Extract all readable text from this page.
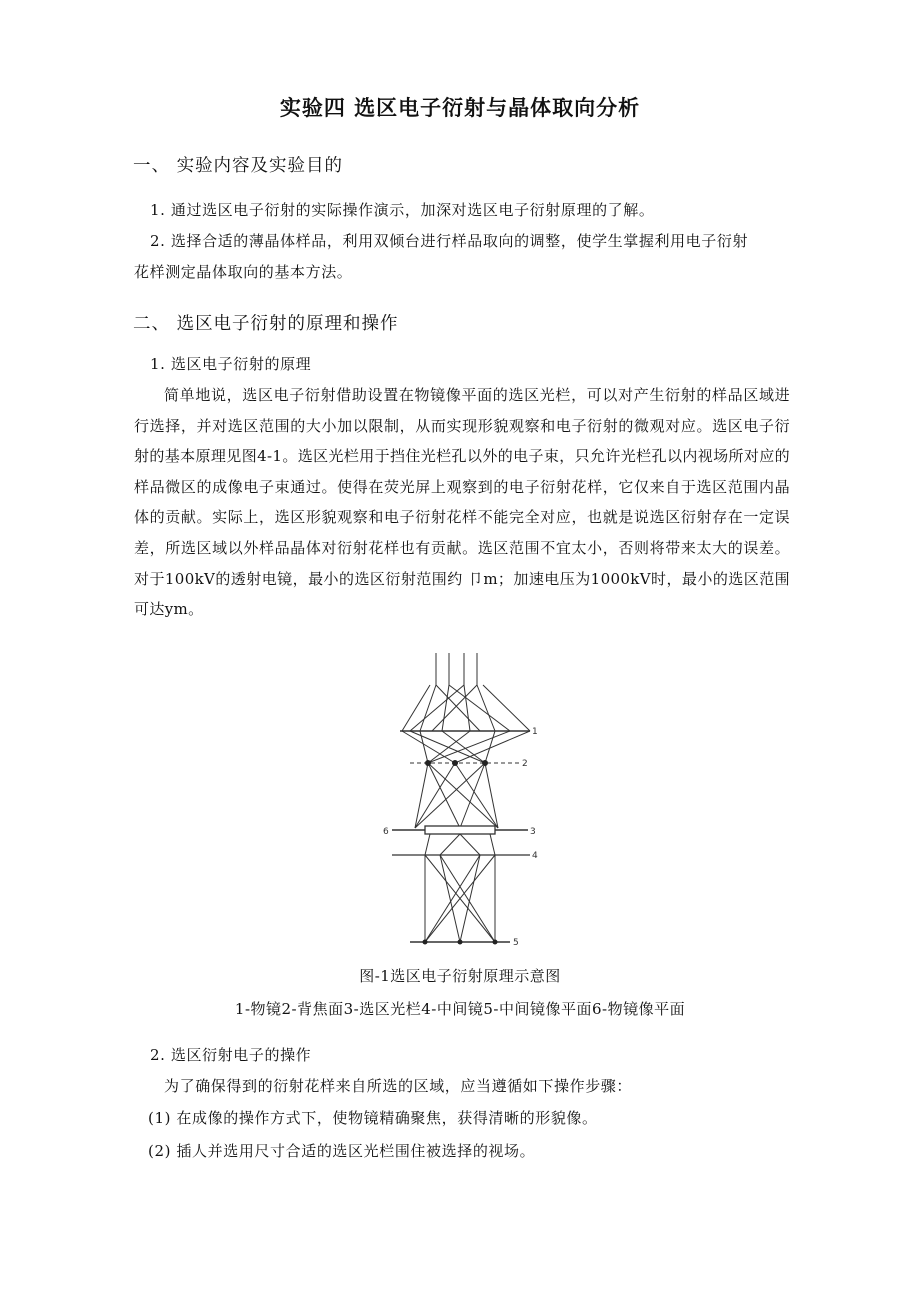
实验四 选区电子衍射与晶体取向分析
一、 实验内容及实验目的
1. 通过选区电子衍射的实际操作演示，加深对选区电子衍射原理的了解。
2. 选择合适的薄晶体样品，利用双倾台进行样品取向的调整，使学生掌握利用电子衍射
花样测定晶体取向的基本方法。
二、 选区电子衍射的原理和操作
1. 选区电子衍射的原理

简单地说，选区电子衍射借助设置在物镜像平面的选区光栏，可以对产生衍射的样品区域进行选择，并对选区范围的大小加以限制，从而实现形貌观察和电子衍射的微观对应。选区电子衍射的基本原理见图4-1。选区光栏用于挡住光栏孔以外的电子束，只允许光栏孔以内视场所对应的样品微区的成像电子束通过。使得在荧光屏上观察到的电子衍射花样，它仅来自于选区范围内晶体的贡献。实际上，选区形貌观察和电子衍射花样不能完全对应，也就是说选区衍射存在一定误差，所选区域以外样品晶体对衍射花样也有贡献。选区范围不宜太小，否则将带来太大的误差。对于100kV的透射电镜，最小的选区衍射范围约 卩m；加速电压为1000kV时，最小的选区范围可达ym。

1
2
3
4
5
6
图-1选区电子衍射原理示意图
1-物镜2-背焦面3-选区光栏4-中间镜5-中间镜像平面6-物镜像平面
2. 选区衍射电子的操作
为了确保得到的衍射花样来自所选的区域，应当遵循如下操作步骤：
(1) 在成像的操作方式下，使物镜精确聚焦，获得清晰的形貌像。
(2) 插人并选用尺寸合适的选区光栏围住被选择的视场。
